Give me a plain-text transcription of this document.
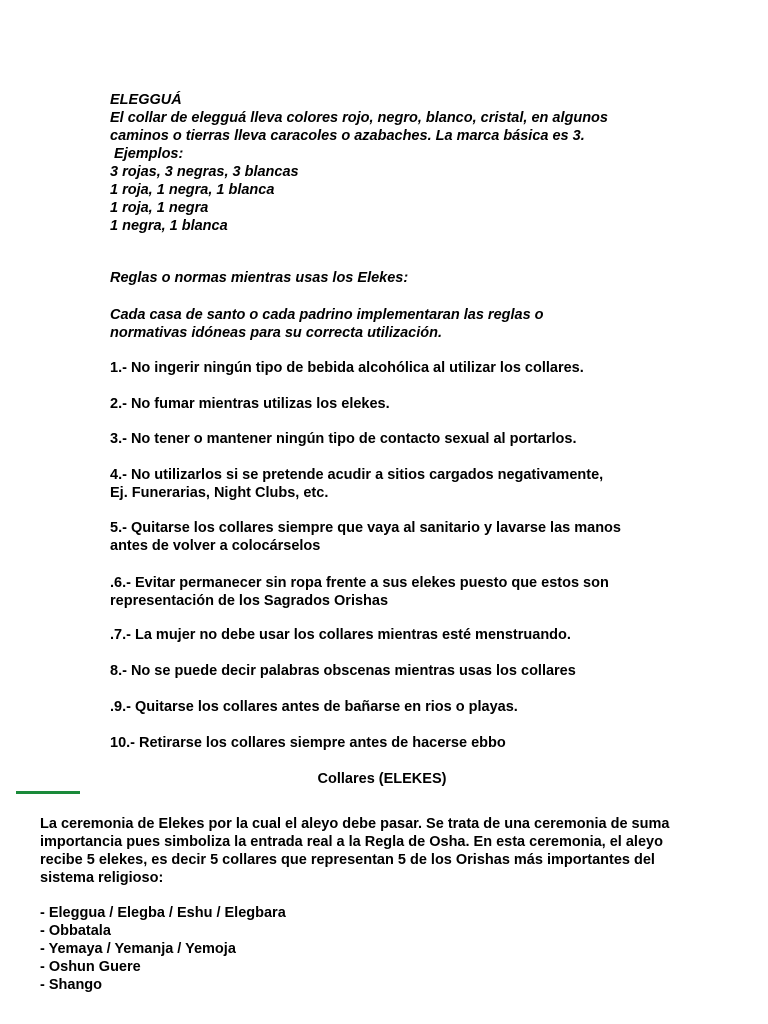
ELEGGUÁ
El collar de elegguá lleva colores rojo, negro, blanco, cristal, en algunos
caminos o tierras lleva caracoles o azabaches. La marca básica es 3.
Ejemplos:
3 rojas, 3 negras, 3 blancas
1 roja, 1 negra, 1 blanca
1 roja, 1 negra
1 negra, 1 blanca
Reglas o normas mientras usas los Elekes:
Cada casa de santo o cada padrino implementaran las reglas o
normativas idóneas para su correcta utilización.
1.- No ingerir ningún tipo de bebida alcohólica al utilizar los collares.
2.- No fumar mientras utilizas los elekes.
3.- No tener o mantener ningún tipo de contacto sexual al portarlos.
4.- No utilizarlos si se pretende acudir a sitios cargados negativamente,
Ej. Funerarias, Night Clubs, etc.
5.- Quitarse los collares siempre que vaya al sanitario y lavarse las manos
antes de volver a colocárselos
.6.- Evitar permanecer sin ropa frente a sus elekes puesto que estos son
representación de los Sagrados Orishas
.7.- La mujer no debe usar los collares mientras esté menstruando.
8.- No se puede decir palabras obscenas mientras usas los collares
.9.- Quitarse los collares antes de bañarse en rios o playas.
10.- Retirarse los collares siempre antes de hacerse ebbo
Collares (ELEKES)
La ceremonia de Elekes por la cual el aleyo debe pasar. Se trata de una ceremonia de suma
importancia pues simboliza la entrada real a la Regla de Osha. En esta ceremonia, el aleyo
recibe 5 elekes, es decir 5 collares que representan 5 de los Orishas más importantes del
sistema religioso:
- Eleggua / Elegba / Eshu / Elegbara
- Obbatala
- Yemaya / Yemanja / Yemoja
- Oshun Guere
- Shango
